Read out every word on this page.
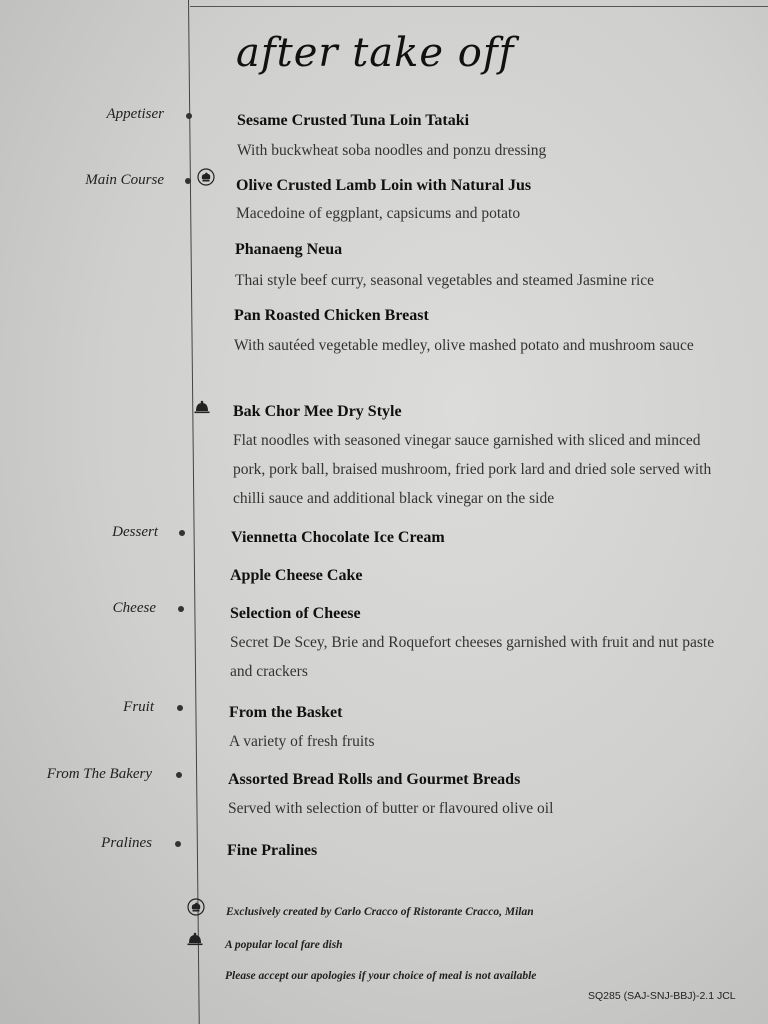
after take off
Appetiser
Main Course
Dessert
Cheese
Fruit
From The Bakery
Pralines
Sesame Crusted Tuna Loin Tataki
With buckwheat soba noodles and ponzu dressing
Olive Crusted Lamb Loin with Natural Jus
Macedoine of eggplant, capsicums and potato
Phanaeng Neua
Thai style beef curry, seasonal vegetables and steamed Jasmine rice
Pan Roasted Chicken Breast
With sautéed vegetable medley, olive mashed potato and mushroom sauce
Bak Chor Mee Dry Style
Flat noodles with seasoned vinegar sauce garnished with sliced and minced pork, pork ball, braised mushroom, fried pork lard and dried sole served with chilli sauce and additional black vinegar on the side
Viennetta Chocolate Ice Cream
Apple Cheese Cake
Selection of Cheese
Secret De Scey, Brie and Roquefort cheeses garnished with fruit and nut paste and crackers
From the Basket
A variety of fresh fruits
Assorted Bread Rolls and Gourmet Breads
Served with selection of butter or flavoured olive oil
Fine Pralines
Exclusively created by Carlo Cracco of Ristorante Cracco, Milan
A popular local fare dish
Please accept our apologies if your choice of meal is not available
SQ285 (SAJ-SNJ-BBJ)-2.1 JCL
